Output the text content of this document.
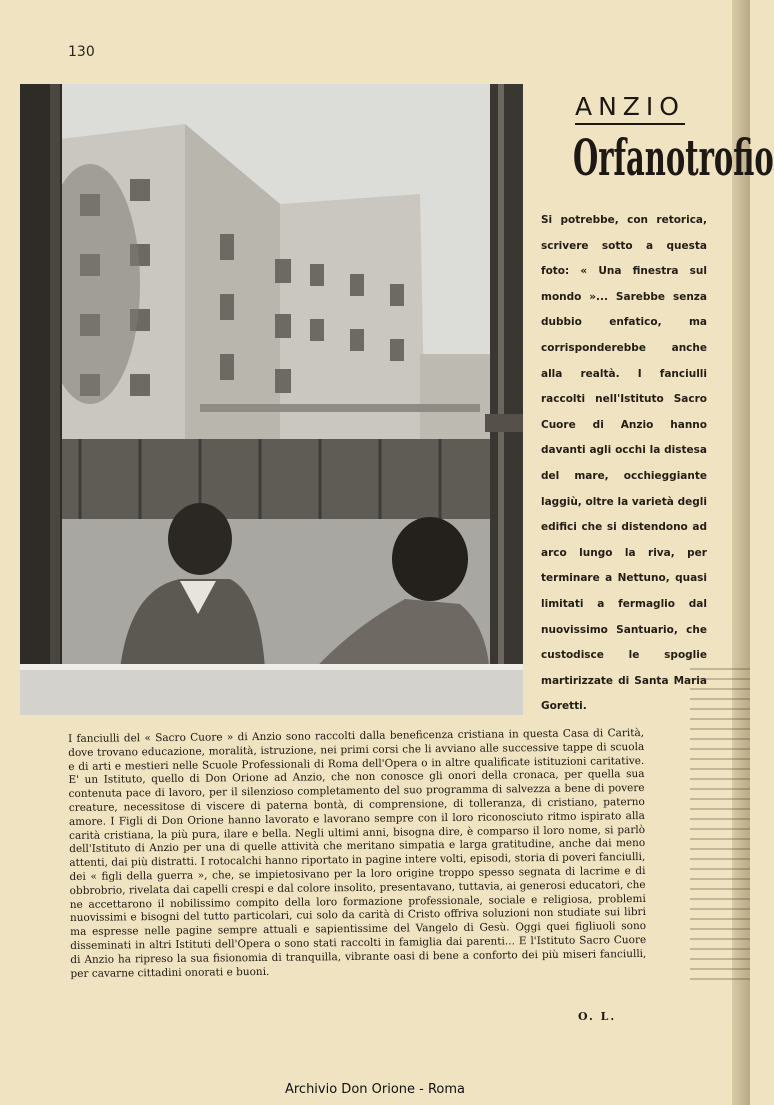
130
ANZIO
Orfanotrofio
Si potrebbe, con retorica, scrivere sotto a questa foto: « Una finestra sul mondo »... Sarebbe senza dubbio enfatico, ma corrisponderebbe anche alla realtà. I fanciulli raccolti nell'Istituto Sacro Cuore di Anzio hanno davanti agli occhi la distesa del mare, occhieggiante laggiù, oltre la varietà degli edifici che si distendono ad arco lungo la riva, per terminare a Nettuno, quasi limitati a fermaglio dal nuovissimo Santuario, che custodisce le spoglie martirizzate di Santa Maria Goretti.
I fanciulli del « Sacro Cuore » di Anzio sono raccolti dalla beneficenza cristiana in questa Casa di Carità, dove trovano educazione, moralità, istruzione, nei primi corsi che li avviano alle successive tappe di scuola e di arti e mestieri nelle Scuole Professionali di Roma dell'Opera o in altre qualificate istituzioni caritative. E' un Istituto, quello di Don Orione ad Anzio, che non conosce gli onori della cronaca, per quella sua contenuta pace di lavoro, per il silenzioso completamento del suo programma di salvezza a bene di povere creature, necessitose di viscere di paterna bontà, di comprensione, di tolleranza, di cristiano, paterno amore. I Figli di Don Orione hanno lavorato e lavorano sempre con il loro riconosciuto ritmo ispirato alla carità cristiana, la più pura, ilare e bella. Negli ultimi anni, bisogna dire, è comparso il loro nome, si parlò dell'Istituto di Anzio per una di quelle attività che meritano simpatia e larga gratitudine, anche dai meno attenti, dai più distratti. I rotocalchi hanno riportato in pagine intere volti, episodi, storia di poveri fanciulli, dei « figli della guerra », che, se impietosivano per la loro origine troppo spesso segnata di lacrime e di obbrobrio, rivelata dai capelli crespi e dal colore insolito, presentavano, tuttavia, ai generosi educatori, che ne accettarono il nobilissimo compito della loro formazione professionale, sociale e religiosa, problemi nuovissimi e bisogni del tutto particolari, cui solo da carità di Cristo offriva soluzioni non studiate sui libri ma espresse nelle pagine sempre attuali e sapientissime del Vangelo di Gesù. Oggi quei figliuoli sono disseminati in altri Istituti dell'Opera o sono stati raccolti in famiglia dai parenti... E l'Istituto Sacro Cuore di Anzio ha ripreso la sua fisionomia di tranquilla, vibrante oasi di bene a conforto dei più miseri fanciulli, per cavarne cittadini onorati e buoni.
O. L.
Archivio Don Orione - Roma
